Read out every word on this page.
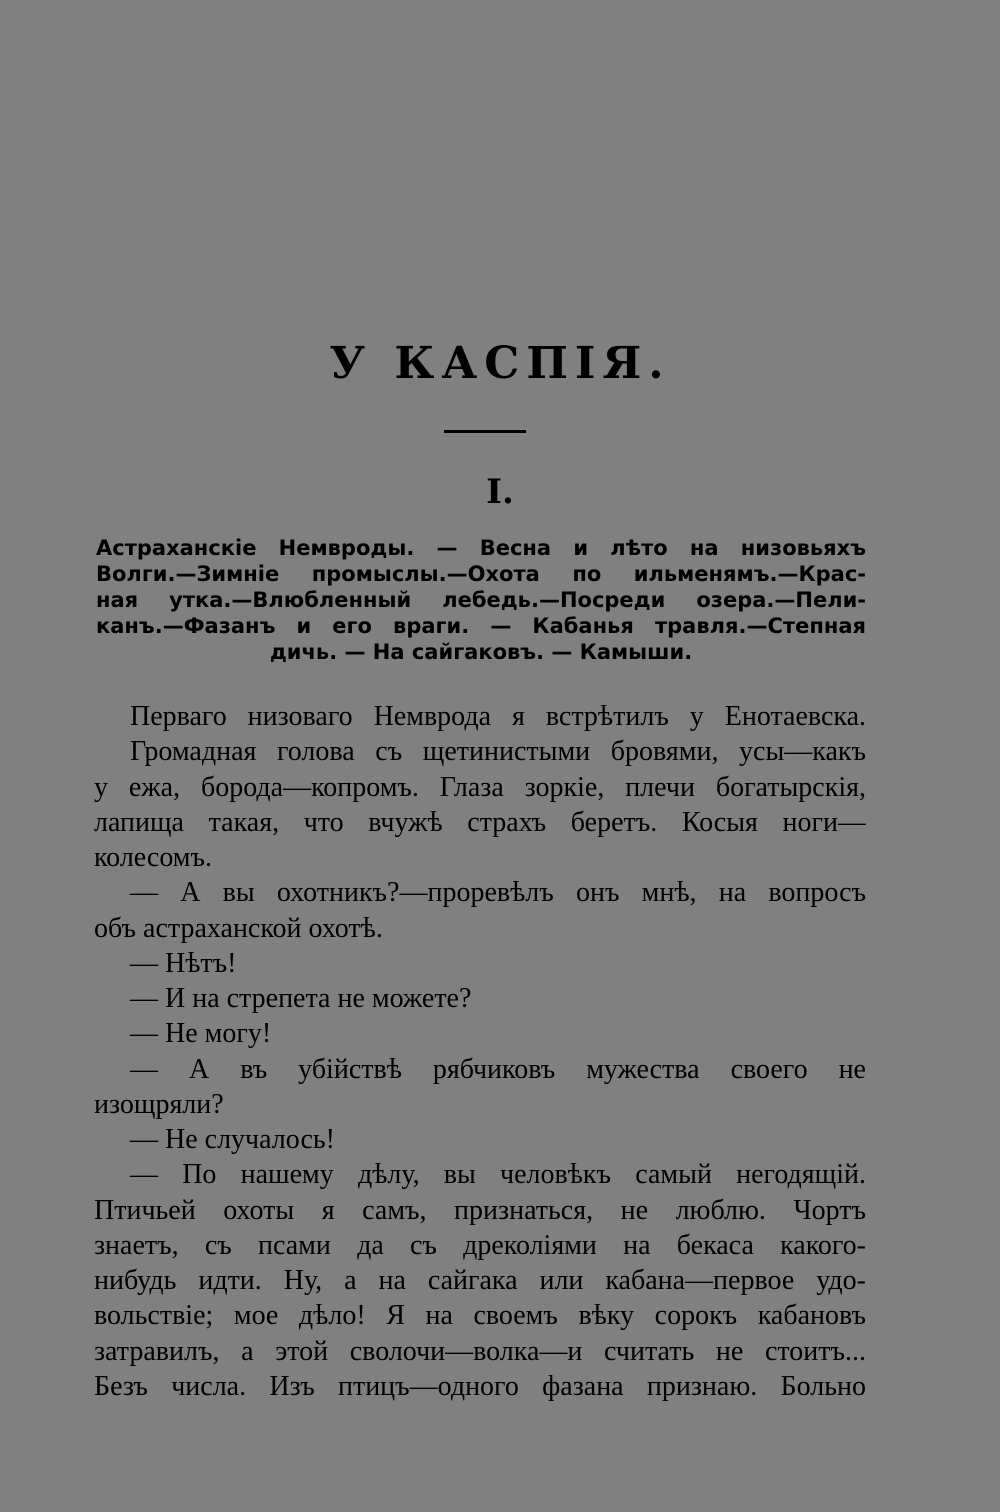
У КАСПІЯ.
I.
Астраханскіе Немвроды. — Весна и лѣто на низовьяхъ
Волги.—Зимніе промыслы.—Охота по ильменямъ.—Крас-
ная утка.—Влюбленный лебедь.—Посреди озера.—Пели-
канъ.—Фазанъ и его враги. — Кабанья травля.—Степная
дичь. — На сайгаковъ. — Камыши.
Перваго низоваго Немврода я встрѣтилъ у Енотаевска.
Громадная голова съ щетинистыми бровями, усы—какъ
у ежа, борода—копромъ. Глаза зоркіе, плечи богатырскія,
лапища такая, что вчужѣ страхъ беретъ. Косыя ноги—
колесомъ.
— А вы охотникъ?—проревѣлъ онъ мнѣ, на вопросъ
объ астраханской охотѣ.
— Нѣтъ!
— И на стрепета не можете?
— Не могу!
— А въ убійствѣ рябчиковъ мужества своего не
изощряли?
— Не случалось!
— По нашему дѣлу, вы человѣкъ самый негодящій.
Птичьей охоты я самъ, признаться, не люблю. Чортъ
знаетъ, съ псами да съ дреколіями на бекаса какого-
нибудь идти. Ну, а на сайгака или кабана—первое удо-
вольствіе; мое дѣло! Я на своемъ вѣку сорокъ кабановъ
затравилъ, а этой сволочи—волка—и считать не стоитъ...
Безъ числа. Изъ птицъ—одного фазана признаю. Больно
